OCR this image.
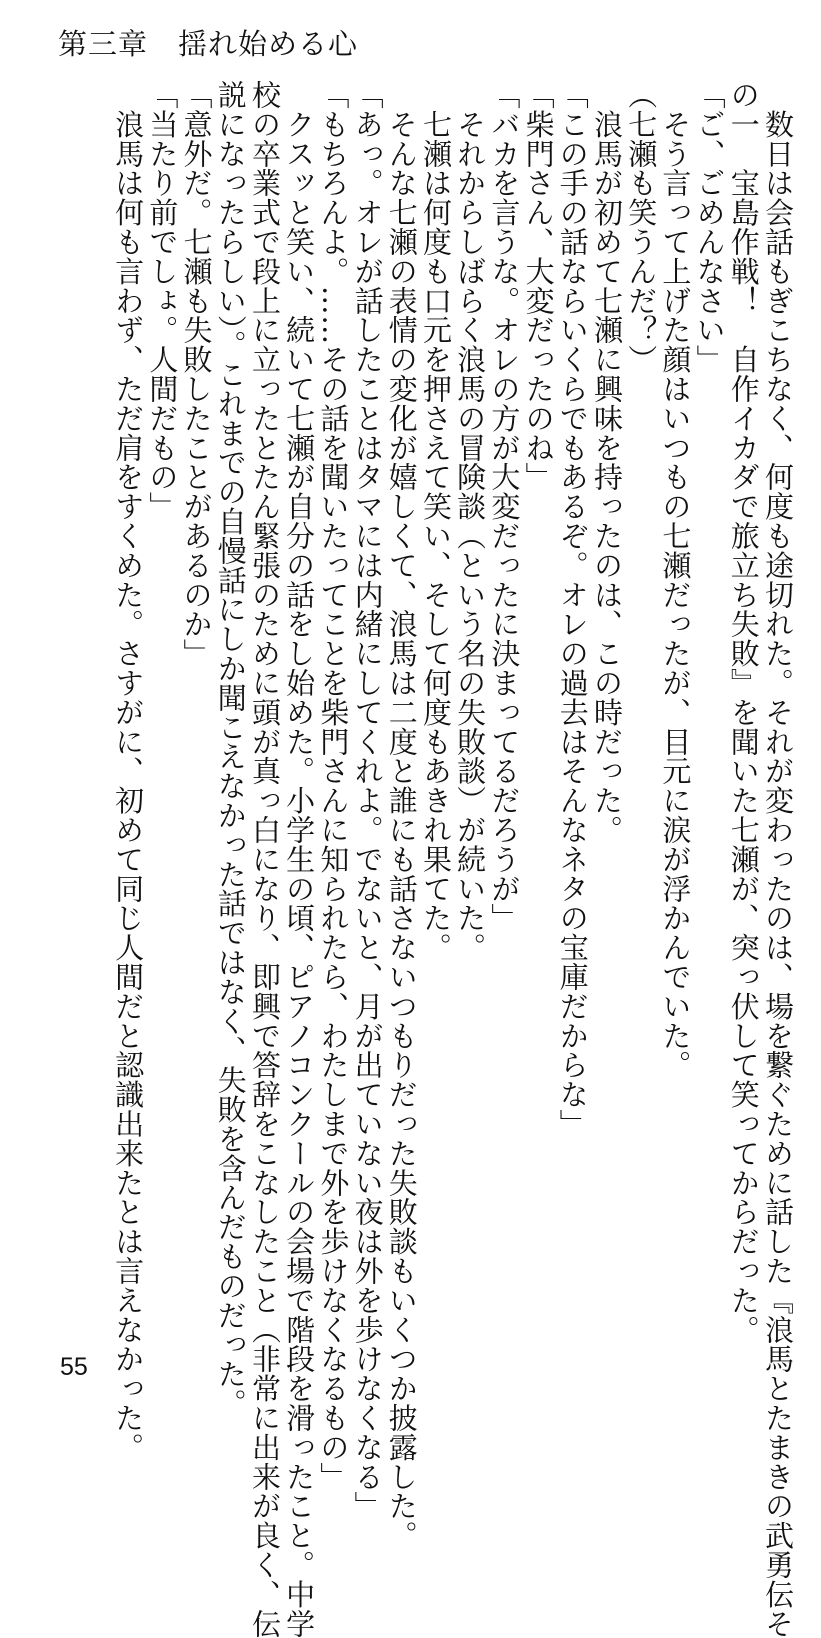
第三章　揺れ始める心
　数日は会話もぎこちなく、何度も途切れた。それが変わったのは、場を繋ぐために話した『浪馬とたまきの武勇伝そ
の一　宝島作戦！　自作イカダで旅立ち失敗』を聞いた七瀬が、突っ伏して笑ってからだった。
「ご、ごめんなさい」
　そう言って上げた顔はいつもの七瀬だったが、目元に涙が浮かんでいた。
（七瀬も笑うんだ？）
　浪馬が初めて七瀬に興味を持ったのは、この時だった。
「この手の話ならいくらでもあるぞ。オレの過去はそんなネタの宝庫だからな」
「柴門さん、大変だったのね」
「バカを言うな。オレの方が大変だったに決まってるだろうが」
　それからしばらく浪馬の冒険談（という名の失敗談）が続いた。
　七瀬は何度も口元を押さえて笑い、そして何度もあきれ果てた。
　そんな七瀬の表情の変化が嬉しくて、浪馬は二度と誰にも話さないつもりだった失敗談もいくつか披露した。
「あっ。オレが話したことはタマには内緒にしてくれよ。でないと、月が出ていない夜は外を歩けなくなる」
「もちろんよ。……その話を聞いたってことを柴門さんに知られたら、わたしまで外を歩けなくなるもの」
　クスッと笑い、続いて七瀬が自分の話をし始めた。小学生の頃、ピアノコンクールの会場で階段を滑ったこと。中学
校の卒業式で段上に立ったとたん緊張のために頭が真っ白になり、即興で答辞をこなしたこと（非常に出来が良く、伝
説になったらしい）。これまでの自慢話にしか聞こえなかった話ではなく、失敗を含んだものだった。
「意外だ。七瀬も失敗したことがあるのか」
「当たり前でしょ。人間だもの」
　浪馬は何も言わず、ただ肩をすくめた。さすがに、初めて同じ人間だと認識出来たとは言えなかった。
55
